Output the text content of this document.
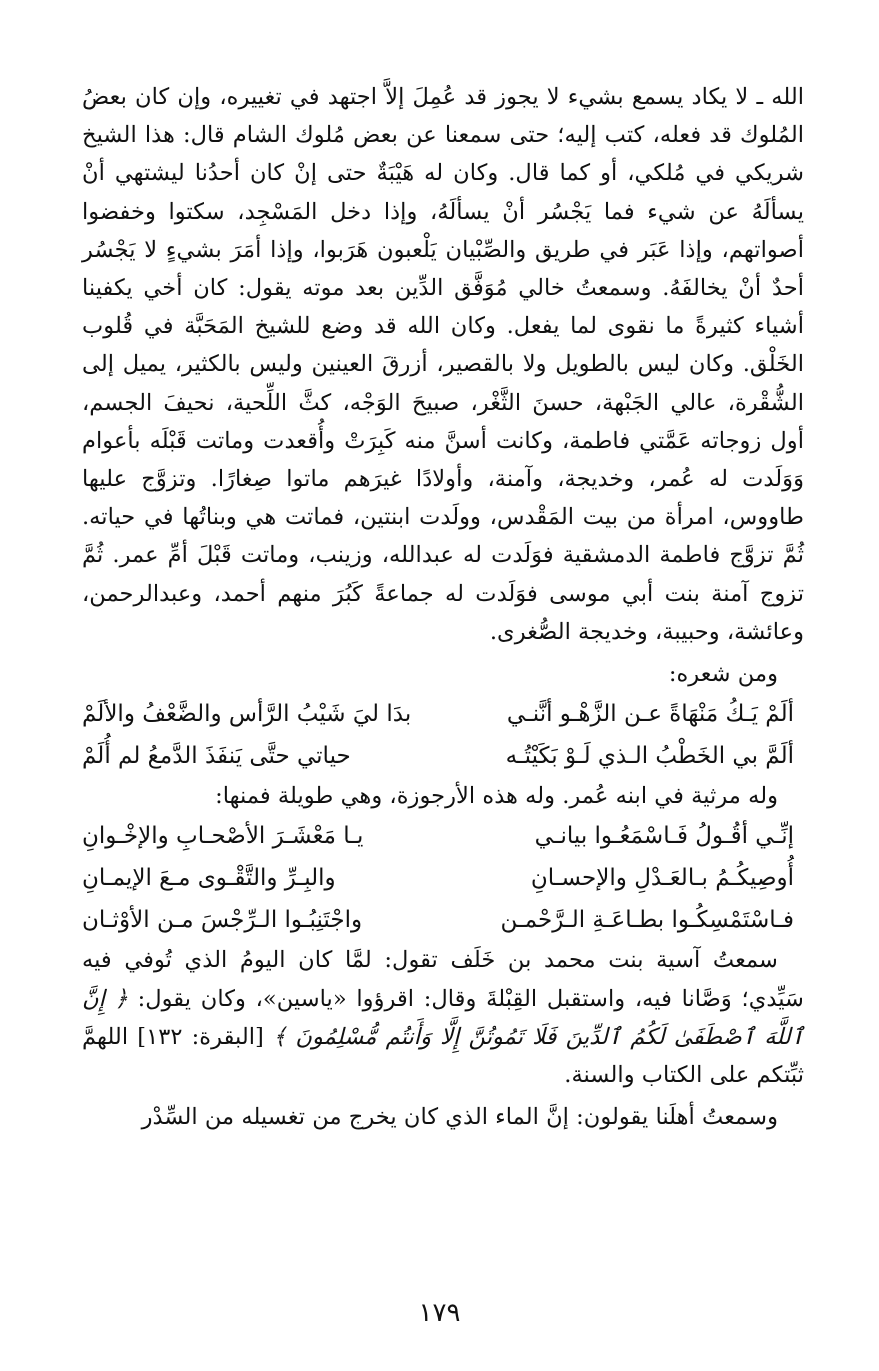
الله ـ لا يكاد يسمع بشيء لا يجوز قد عُمِلَ إلاَّ اجتهد في تغييره، وإن كان بعضُ المُلوك قد فعله، كتب إليه؛ حتى سمعنا عن بعض مُلوك الشام قال: هذا الشيخ شريكي في مُلكي، أو كما قال. وكان له هَيْبَةٌ حتى إنْ كان أحدُنا ليشتهي أنْ يسألَهُ عن شيء فما يَجْسُر أنْ يسألَهُ، وإذا دخل المَسْجِد، سكتوا وخفضوا أصواتهم، وإذا عَبَر في طريق والصِّبْيان يَلْعبون هَرَبوا، وإذا أمَرَ بشيءٍ لا يَجْسُر أحدٌ أنْ يخالفَهُ. وسمعتُ خالي مُوَفَّق الدِّين بعد موته يقول: كان أخي يكفينا أشياء كثيرةً ما نقوى لما يفعل. وكان الله قد وضع للشيخ المَحَبَّة في قُلوب الخَلْق. وكان ليس بالطويل ولا بالقصير، أزرقَ العينين وليس بالكثير، يميل إلى الشُّقْرة، عالي الجَبْهة، حسنَ الثَّغْر، صبيحَ الوَجْه، كثَّ اللِّحية، نحيفَ الجسم، أول زوجاته عَمَّتي فاطمة، وكانت أسنَّ منه كَبِرَتْ وأُقعدت وماتت قَبْلَه بأعوام وَوَلَدت له عُمر، وخديجة، وآمنة، وأولادًا غيرَهم ماتوا صِغارًا. وتزوَّج عليها طاووس، امرأة من بيت المَقْدس، وولَدت ابنتين، فماتت هي وبناتُها في حياته. ثُمَّ تزوَّج فاطمة الدمشقية فوَلَدت له عبدالله، وزينب، وماتت قَبْلَ أمِّ عمر. ثُمَّ تزوج آمنة بنت أبي موسى فوَلَدت له جماعةً كَبُرَ منهم أحمد، وعبدالرحمن، وعائشة، وحبيبة، وخديجة الصُّغرى.

ومن شعره:

ألَمْ يَـكُ مَنْهَاةً عـن الزَّهْـو أنَّنـي
بدَا ليَ شَيْبُ الرَّأس والضَّعْفُ والألَمْ
ألَمَّ بي الخَطْبُ الـذي لَـوْ بَكَيْتُـه
حياتي حتَّى يَنفَذَ الدَّمعُ لم أُلَمْ

وله مرثية في ابنه عُمر. وله هذه الأرجوزة، وهي طويلة فمنها:

إنِّـي أقُـولُ فَـاسْمَعُـوا بيانـي
يـا مَعْشَـرَ الأصْحـابِ والإخْـوانِ
أُوصِيكُـمُ بـالعَـدْلِ والإحسـانِ
والبِـرِّ والتَّقْـوى مـعَ الإيمـانِ
فـاسْتَمْسِكُـوا بطـاعَـةِ الـرَّحْمـن
واجْتَنِبُـوا الـرِّجْسَ مـن الأوْثـان

سمعتُ آسية بنت محمد بن خَلَف تقول: لمَّا كان اليومُ الذي تُوفي فيه سَيِّدي؛ وَصَّانا فيه، واستقبل القِبْلةَ وقال: اقرؤوا «ياسين»، وكان يقول: ﴿ إِنَّ ٱللَّهَ ٱصْطَفَىٰ لَكُمُ ٱلدِّينَ فَلَا تَمُوتُنَّ إِلَّا وَأَنتُم مُّسْلِمُونَ ﴾ [البقرة: ١٣٢] اللهمَّ ثبِّتكم على الكتاب والسنة.

وسمعتُ أهلَنا يقولون: إنَّ الماء الذي كان يخرج من تغسيله من السِّدْر

١٧٩
